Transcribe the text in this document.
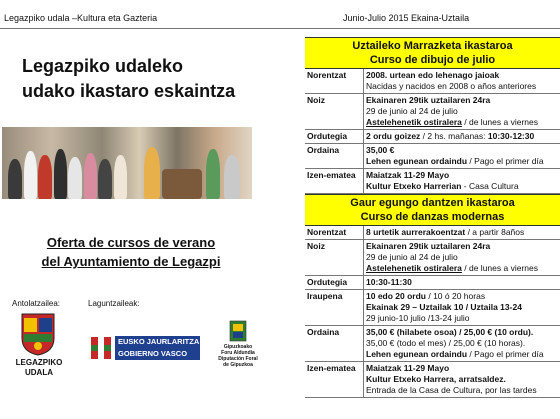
Legazpiko udala –Kultura eta Gazteria	Junio-Julio 2015 Ekaina-Uztaila
Legazpiko udaleko
udako ikastaro eskaintza
Oferta de cursos de verano
del Ayuntamiento de Legazpi
Antolatzailea:	Laguntzaileak:
LEGAZPIKO
UDALA
EUSKO JAURLARITZA
GOBIERNO VASCO
Gipuzkoako Foru Aldundia
Diputación Foral de Gipuzkoa
Uztaileko Marrazketa ikastaroa
Curso de dibujo de julio
Norentzat	2008. urtean edo lehenago jaioak
Nacidas y nacidos en 2008 o años anteriores
Noiz	Ekainaren 29tik uztailaren 24ra
29 de junio al 24 de julio
Astelehenetik ostiralera / de lunes a viernes
Ordutegia	2 ordu goizez / 2 hs. mañanas: 10:30-12:30
Ordaina	35,00 €
Lehen egunean ordaindu / Pago el primer día
Izen-ematea	Maiatzak 11-29 Mayo
Kultur Etxeko Harrerian - Casa Cultura
Gaur egungo dantzen ikastaroa
Curso de danzas modernas
Norentzat	8 urtetik aurrerakoentzat / a partir 8años
Noiz	Ekainaren 29tik uztailaren 24ra
29 de junio al 24 de julio
Astelehenetik ostiralera / de lunes a viernes
Ordutegia	10:30-11:30
Iraupena	10 edo 20 ordu / 10 ó 20 horas
Ekainak 29 – Uztailak 10 / Uztaila 13-24
29 junio-10 julio /13-24 julio
Ordaina	35,00 € (hilabete osoa) / 25,00 € (10 ordu).
35,00 € (todo el mes) / 25,00 € (10 horas).
Lehen egunean ordaindu / Pago el primer día
Izen-ematea	Maiatzak 11-29 Mayo
Kultur Etxeko Harrera, arratsaldez.
Entrada de la Casa de Cultura, por las tardes
